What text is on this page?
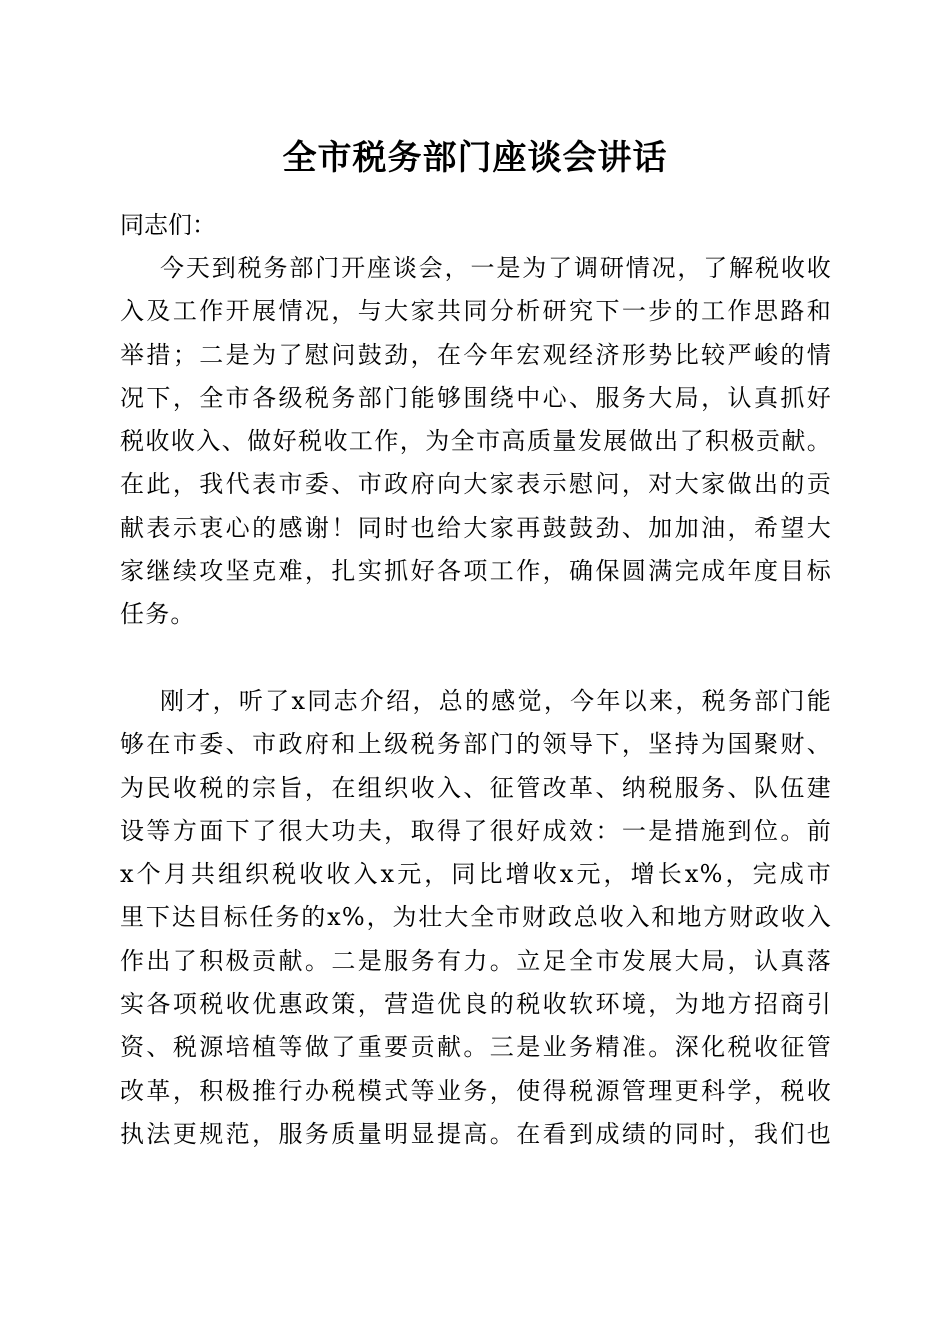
全市税务部门座谈会讲话
同志们：
今天到税务部门开座谈会，一是为了调研情况，了解税收收
入及工作开展情况，与大家共同分析研究下一步的工作思路和
举措；二是为了慰问鼓劲，在今年宏观经济形势比较严峻的情
况下，全市各级税务部门能够围绕中心、服务大局，认真抓好
税收收入、做好税收工作，为全市高质量发展做出了积极贡献。
在此，我代表市委、市政府向大家表示慰问，对大家做出的贡
献表示衷心的感谢！同时也给大家再鼓鼓劲、加加油，希望大
家继续攻坚克难，扎实抓好各项工作，确保圆满完成年度目标
任务。
刚才，听了x同志介绍，总的感觉，今年以来，税务部门能
够在市委、市政府和上级税务部门的领导下，坚持为国聚财、
为民收税的宗旨，在组织收入、征管改革、纳税服务、队伍建
设等方面下了很大功夫，取得了很好成效：一是措施到位。前
x个月共组织税收收入x元，同比增收x元，增长x%，完成市
里下达目标任务的x%，为壮大全市财政总收入和地方财政收入
作出了积极贡献。二是服务有力。立足全市发展大局，认真落
实各项税收优惠政策，营造优良的税收软环境，为地方招商引
资、税源培植等做了重要贡献。三是业务精准。深化税收征管
改革，积极推行办税模式等业务，使得税源管理更科学，税收
执法更规范，服务质量明显提高。在看到成绩的同时，我们也
